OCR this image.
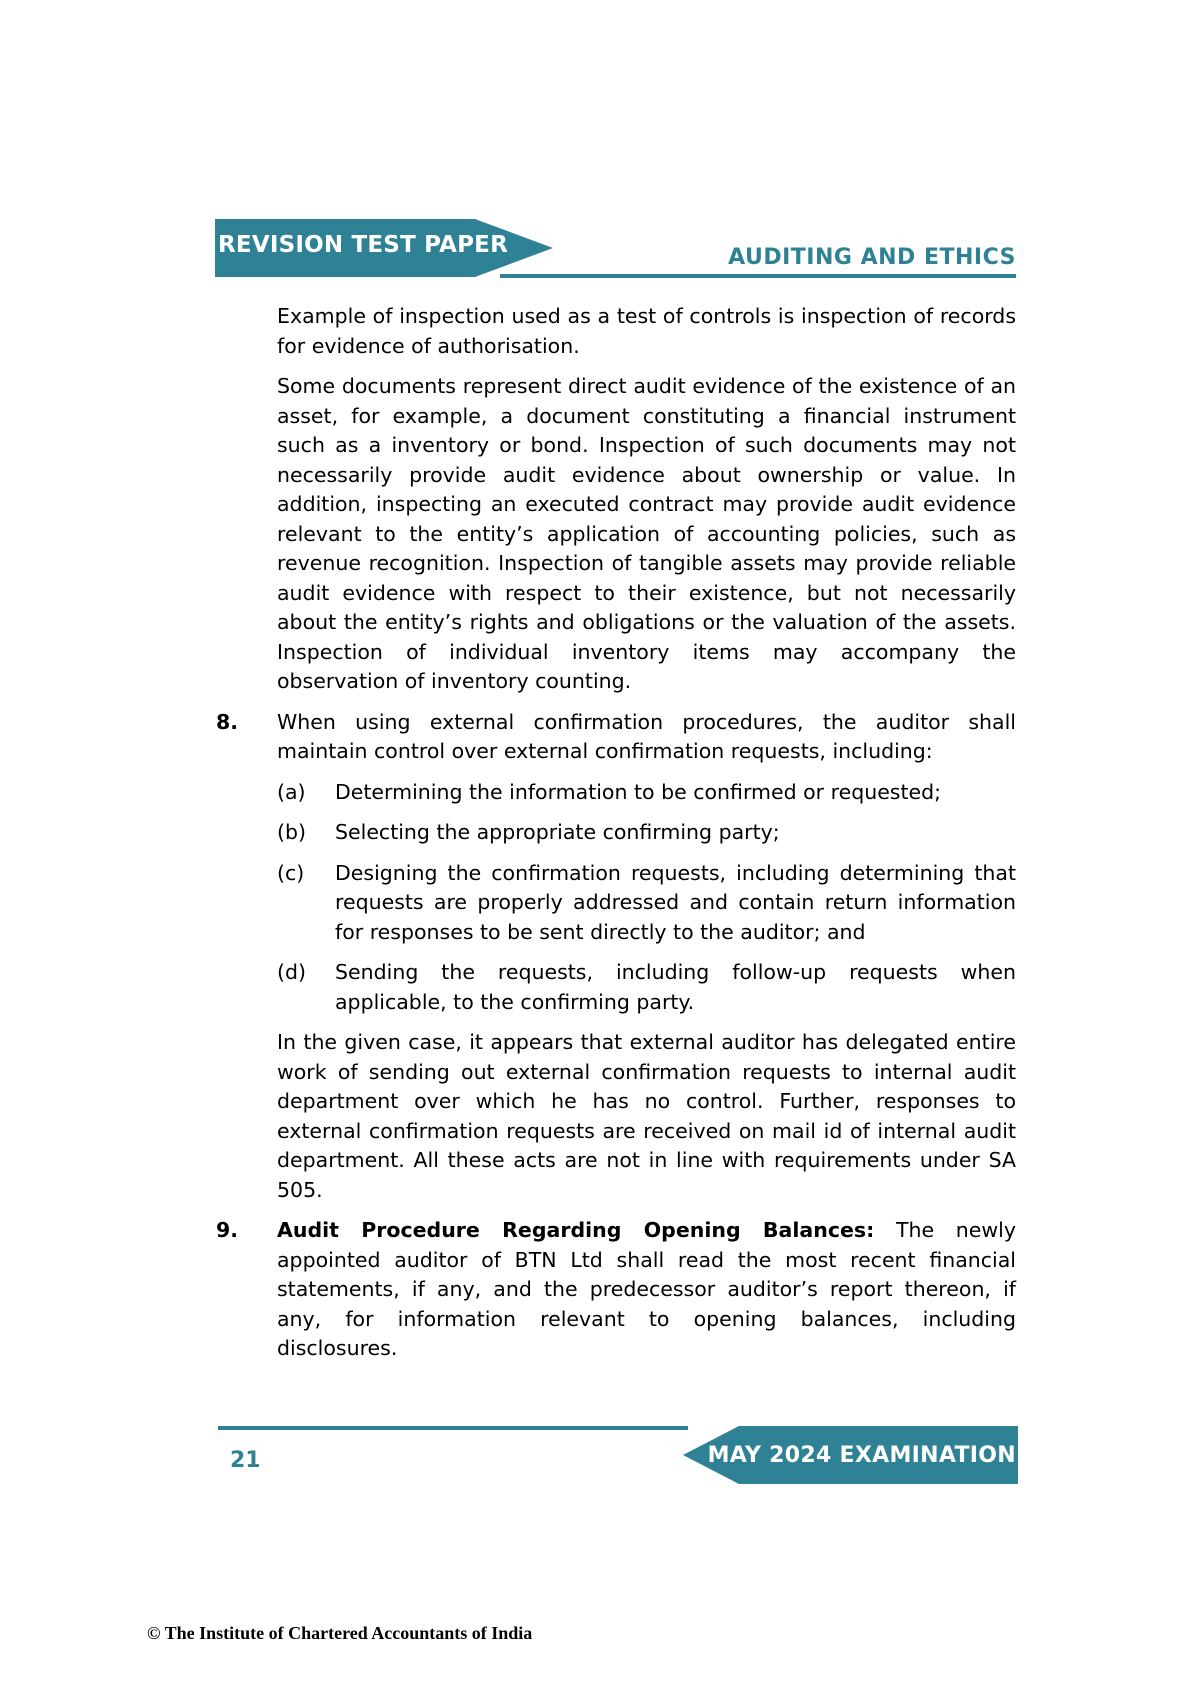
REVISION TEST PAPER	AUDITING AND ETHICS

Example of inspection used as a test of controls is inspection of records for evidence of authorisation.

Some documents represent direct audit evidence of the existence of an asset, for example, a document constituting a financial instrument such as a inventory or bond. Inspection of such documents may not necessarily provide audit evidence about ownership or value. In addition, inspecting an executed contract may provide audit evidence relevant to the entity’s application of accounting policies, such as revenue recognition. Inspection of tangible assets may provide reliable audit evidence with respect to their existence, but not necessarily about the entity’s rights and obligations or the valuation of the assets. Inspection of individual inventory items may accompany the observation of inventory counting.

8. When using external confirmation procedures, the auditor shall maintain control over external confirmation requests, including:
(a) Determining the information to be confirmed or requested;
(b) Selecting the appropriate confirming party;
(c) Designing the confirmation requests, including determining that requests are properly addressed and contain return information for responses to be sent directly to the auditor; and
(d) Sending the requests, including follow-up requests when applicable, to the confirming party.

In the given case, it appears that external auditor has delegated entire work of sending out external confirmation requests to internal audit department over which he has no control. Further, responses to external confirmation requests are received on mail id of internal audit department. All these acts are not in line with requirements under SA 505.

9. Audit Procedure Regarding Opening Balances: The newly appointed auditor of BTN Ltd shall read the most recent financial statements, if any, and the predecessor auditor’s report thereon, if any, for information relevant to opening balances, including disclosures.
MAY 2024 EXAMINATION
21
© The Institute of Chartered Accountants of India
